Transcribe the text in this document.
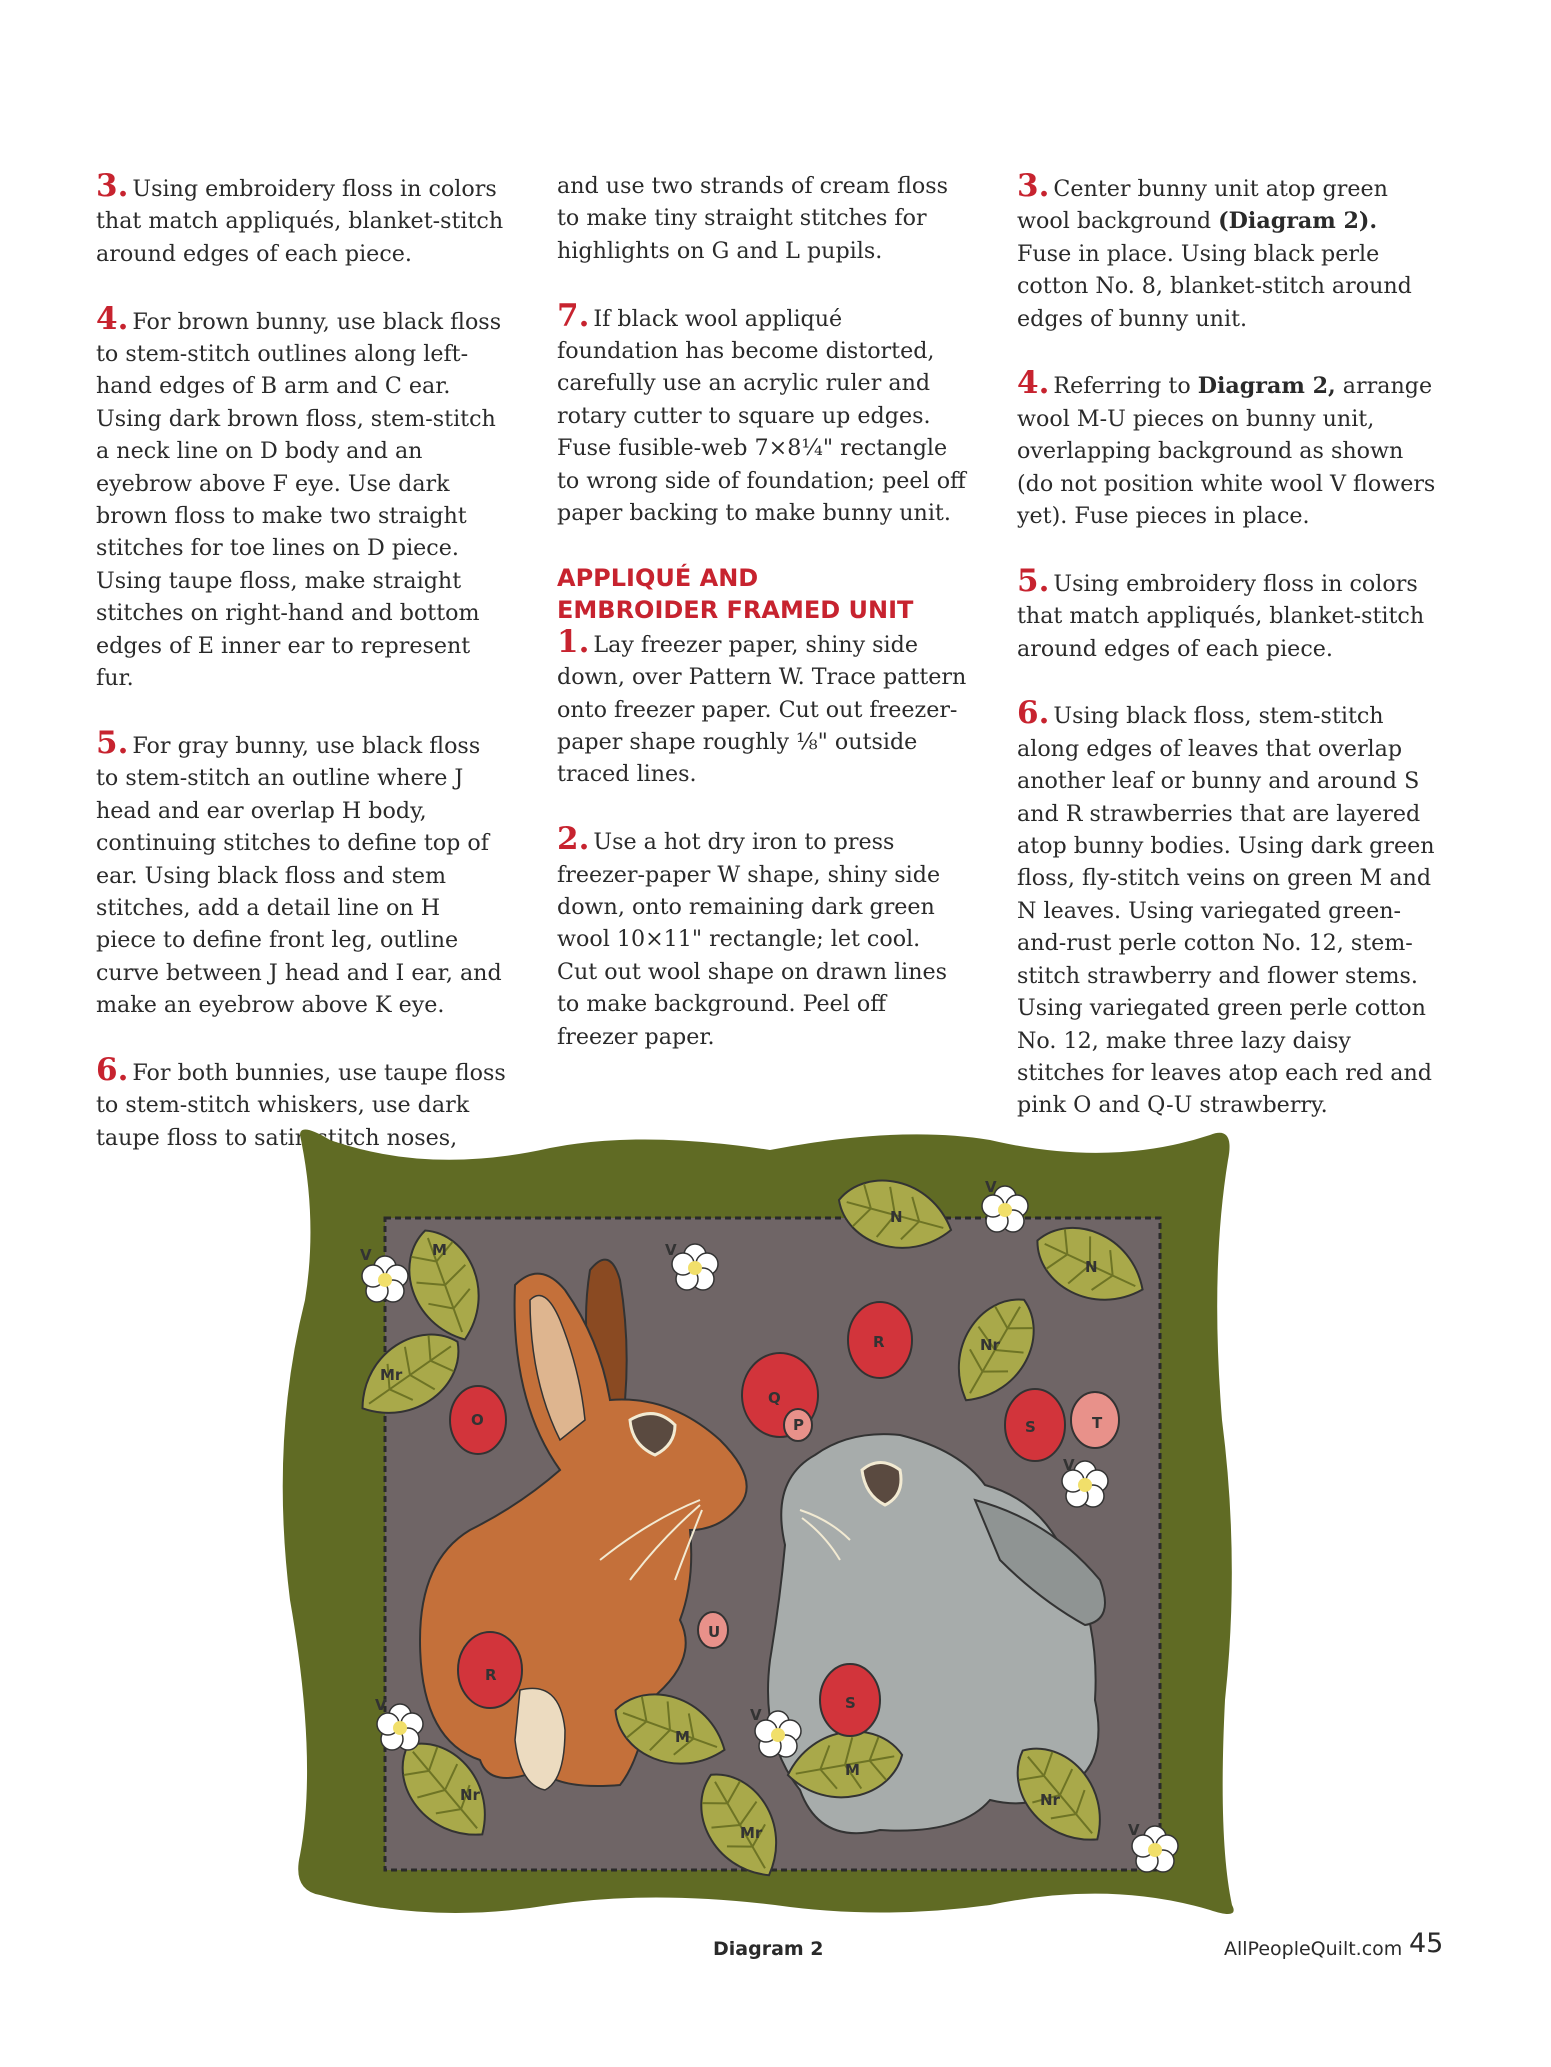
3. Using embroidery floss in colors that match appliqués, blanket-stitch around edges of each piece.

4. For brown bunny, use black floss to stem-stitch outlines along left-hand edges of B arm and C ear. Using dark brown floss, stem-stitch a neck line on D body and an eyebrow above F eye. Use dark brown floss to make two straight stitches for toe lines on D piece. Using taupe floss, make straight stitches on right-hand and bottom edges of E inner ear to represent fur.

5. For gray bunny, use black floss to stem-stitch an outline where J head and ear overlap H body, continuing stitches to define top of ear. Using black floss and stem stitches, add a detail line on H piece to define front leg, outline curve between J head and I ear, and make an eyebrow above K eye.

6. For both bunnies, use taupe floss to stem-stitch whiskers, use dark taupe floss to satin-stitch noses,

and use two strands of cream floss to make tiny straight stitches for highlights on G and L pupils.

7. If black wool appliqué foundation has become distorted, carefully use an acrylic ruler and rotary cutter to square up edges. Fuse fusible-web 7×8¼" rectangle to wrong side of foundation; peel off paper backing to make bunny unit.

APPLIQUÉ AND
EMBROIDER FRAMED UNIT

1. Lay freezer paper, shiny side down, over Pattern W. Trace pattern onto freezer paper. Cut out freezer-paper shape roughly ⅛" outside traced lines.

2. Use a hot dry iron to press freezer-paper W shape, shiny side down, onto remaining dark green wool 10×11" rectangle; let cool. Cut out wool shape on drawn lines to make background. Peel off freezer paper.

3. Center bunny unit atop green wool background (Diagram 2). Fuse in place. Using black perle cotton No. 8, blanket-stitch around edges of bunny unit.

4. Referring to Diagram 2, arrange wool M-U pieces on bunny unit, overlapping background as shown (do not position white wool V flowers yet). Fuse pieces in place.

5. Using embroidery floss in colors that match appliqués, blanket-stitch around edges of each piece.

6. Using black floss, stem-stitch along edges of leaves that overlap another leaf or bunny and around S and R strawberries that are layered atop bunny bodies. Using dark green floss, fly-stitch veins on green M and N leaves. Using variegated green-and-rust perle cotton No. 12, stem-stitch strawberry and flower stems. Using variegated green perle cotton No. 12, make three lazy daisy stitches for leaves atop each red and pink O and Q-U strawberry.

V	V
V
V
V
V
V
M
M
M
Mr
Mr
N
N
Nr
Nr	Nr
O	P
Q
R
R
S
S
T
U
Diagram 2	AllPeopleQuilt.com 45
